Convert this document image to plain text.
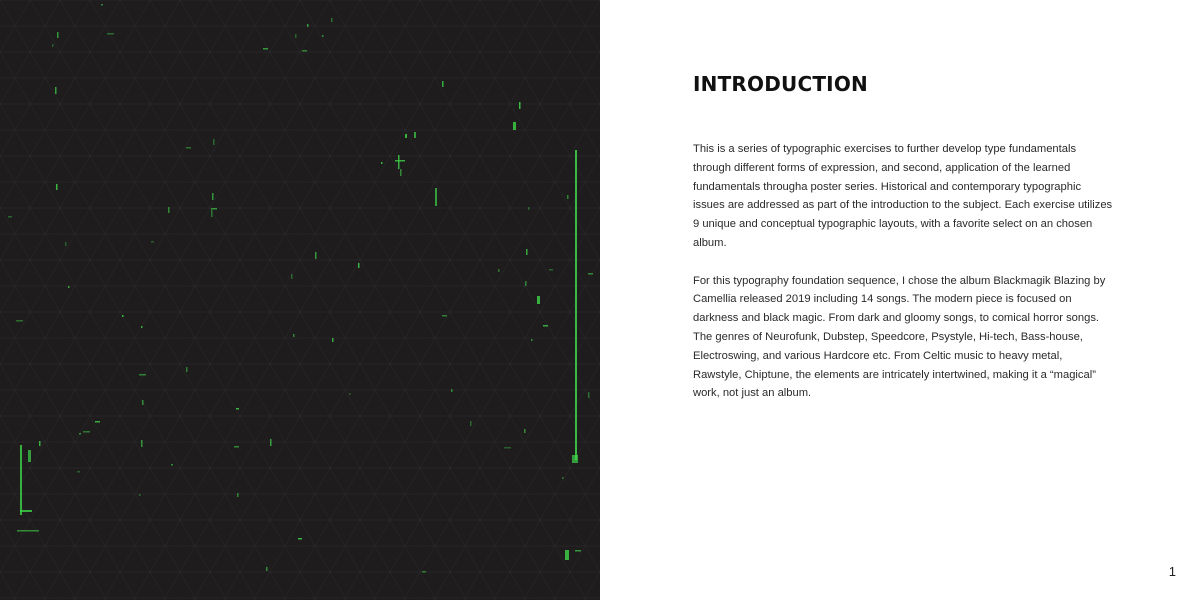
INTRODUCTION

This is a series of typographic exercises to further develop type fundamentals through different forms of expression, and second, application of the learned fundamentals througha poster series. Historical and contemporary typographic issues are addressed as part of the introduction to the subject. Each exercise utilizes 9 unique and conceptual typographic layouts, with a favorite select on an chosen album.

For this typography foundation sequence, I chose the album Blackmagik Blazing by Camellia released 2019 including 14 songs. The modern piece is focused on darkness and black magic. From dark and gloomy songs, to comical horror songs. The genres of Neurofunk, Dubstep, Speedcore, Psystyle, Hi-tech, Bass-house, Electroswing, and various Hardcore etc. From Celtic music to heavy metal, Rawstyle, Chiptune, the elements are intricately intertwined, making it a “magical” work, not just an album.

1
